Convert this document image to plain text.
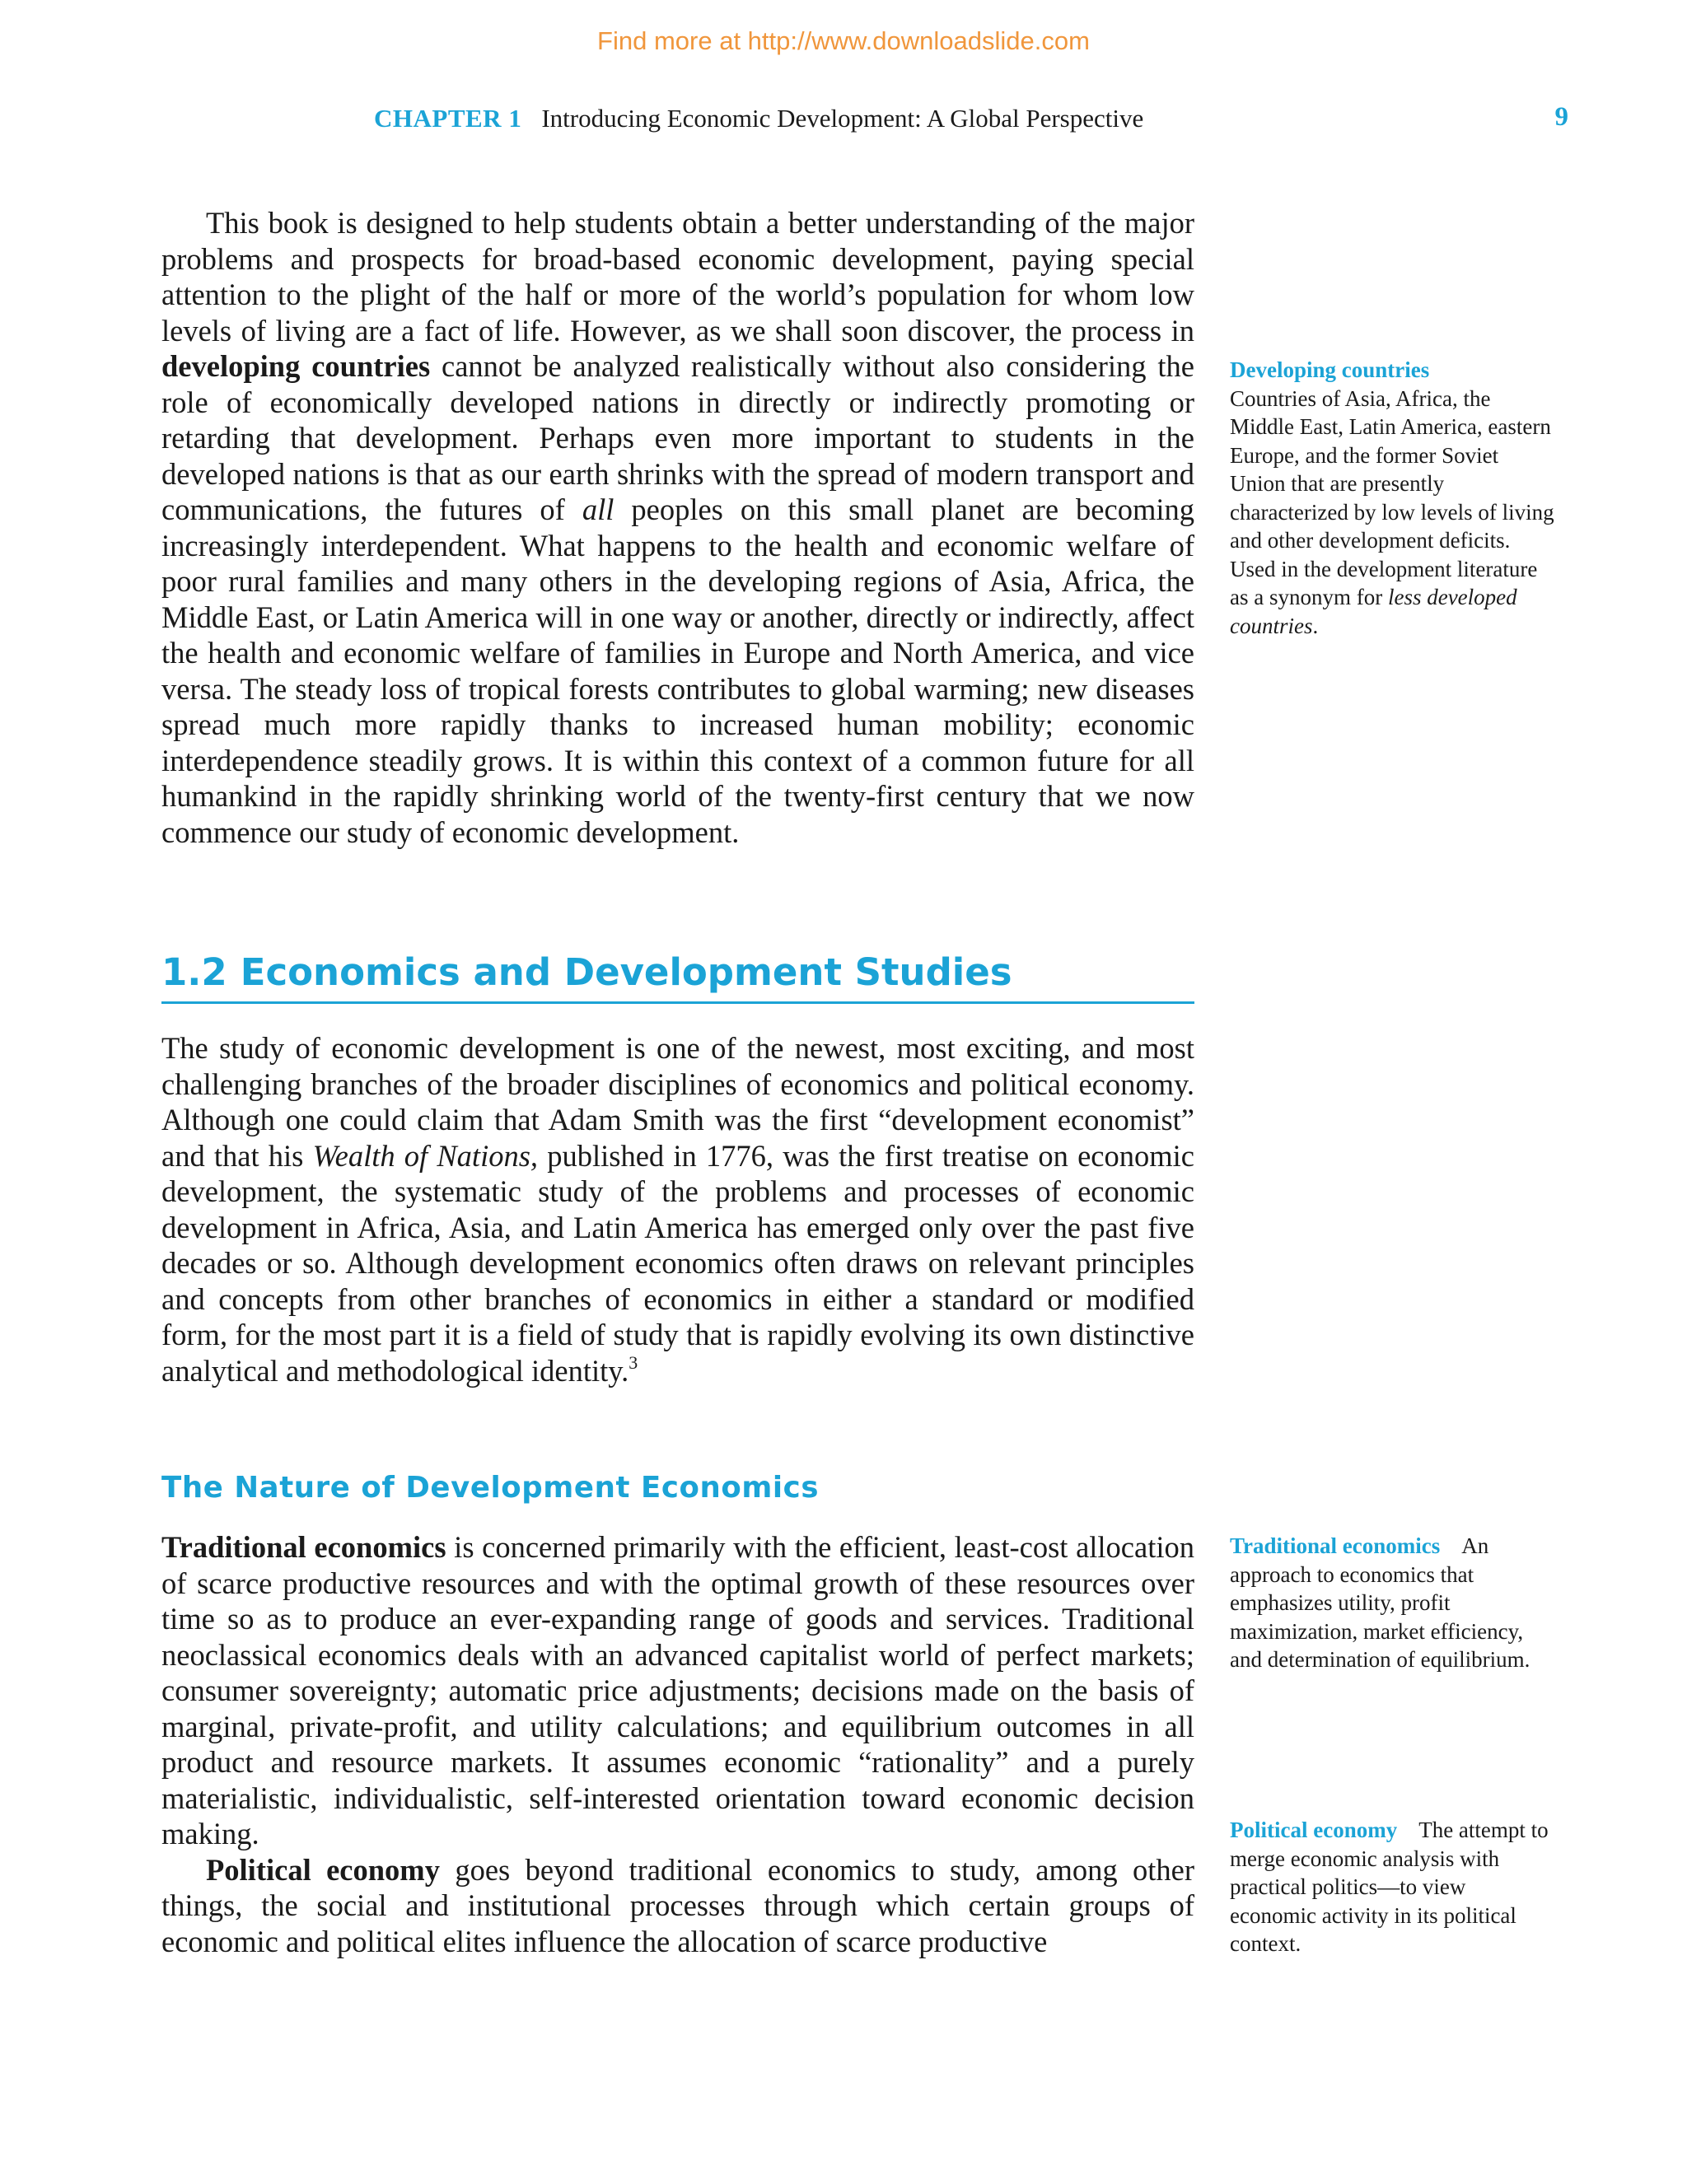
Find more at http://www.downloadslide.com
CHAPTER 1 Introducing Economic Development: A Global Perspective	9

This book is designed to help students obtain a better understanding of the major problems and prospects for broad-based economic development, paying special attention to the plight of the half or more of the world’s population for whom low levels of living are a fact of life. However, as we shall soon discover, the process in developing countries cannot be analyzed realistically without also considering the role of economically developed nations in directly or indirectly promoting or retarding that development. Perhaps even more important to students in the developed nations is that as our earth shrinks with the spread of modern transport and communications, the futures of all peoples on this small planet are becoming increasingly interdependent. What happens to the health and economic welfare of poor rural families and many others in the developing regions of Asia, Africa, the Middle East, or Latin America will in one way or another, directly or indirectly, affect the health and economic welfare of families in Europe and North America, and vice versa. The steady loss of tropical forests contributes to global warming; new diseases spread much more rapidly thanks to increased human mobility; economic interdependence steadily grows. It is within this context of a common future for all humankind in the rapidly shrinking world of the twenty-first century that we now commence our study of economic development.

1.2 Economics and Development Studies

The study of economic development is one of the newest, most exciting, and most challenging branches of the broader disciplines of economics and political economy. Although one could claim that Adam Smith was the first “development economist” and that his Wealth of Nations, published in 1776, was the first treatise on economic development, the systematic study of the problems and processes of economic development in Africa, Asia, and Latin America has emerged only over the past five decades or so. Although development economics often draws on relevant principles and concepts from other branches of economics in either a standard or modified form, for the most part it is a field of study that is rapidly evolving its own distinctive analytical and methodological identity.$^3$

The Nature of Development Economics

Traditional economics is concerned primarily with the efficient, least-cost allocation of scarce productive resources and with the optimal growth of these resources over time so as to produce an ever-expanding range of goods and services. Traditional neoclassical economics deals with an advanced capitalist world of perfect markets; consumer sovereignty; automatic price adjustments; decisions made on the basis of marginal, private-profit, and utility calculations; and equilibrium outcomes in all product and resource markets. It assumes economic “rationality” and a purely materialistic, individualistic, self-interested orientation toward economic decision making.

Political economy goes beyond traditional economics to study, among other things, the social and institutional processes through which certain groups of economic and political elites influence the allocation of scarce productive

Developing countries
Countries of Asia, Africa, the Middle East, Latin America, eastern Europe, and the former Soviet Union that are presently characterized by low levels of living and other development deficits. Used in the development literature as a synonym for less developed countries.
Traditional economics An approach to economics that emphasizes utility, profit maximization, market efficiency, and determination of equilibrium.
Political economy The attempt to merge economic analysis with practical politics—to view economic activity in its political context.
